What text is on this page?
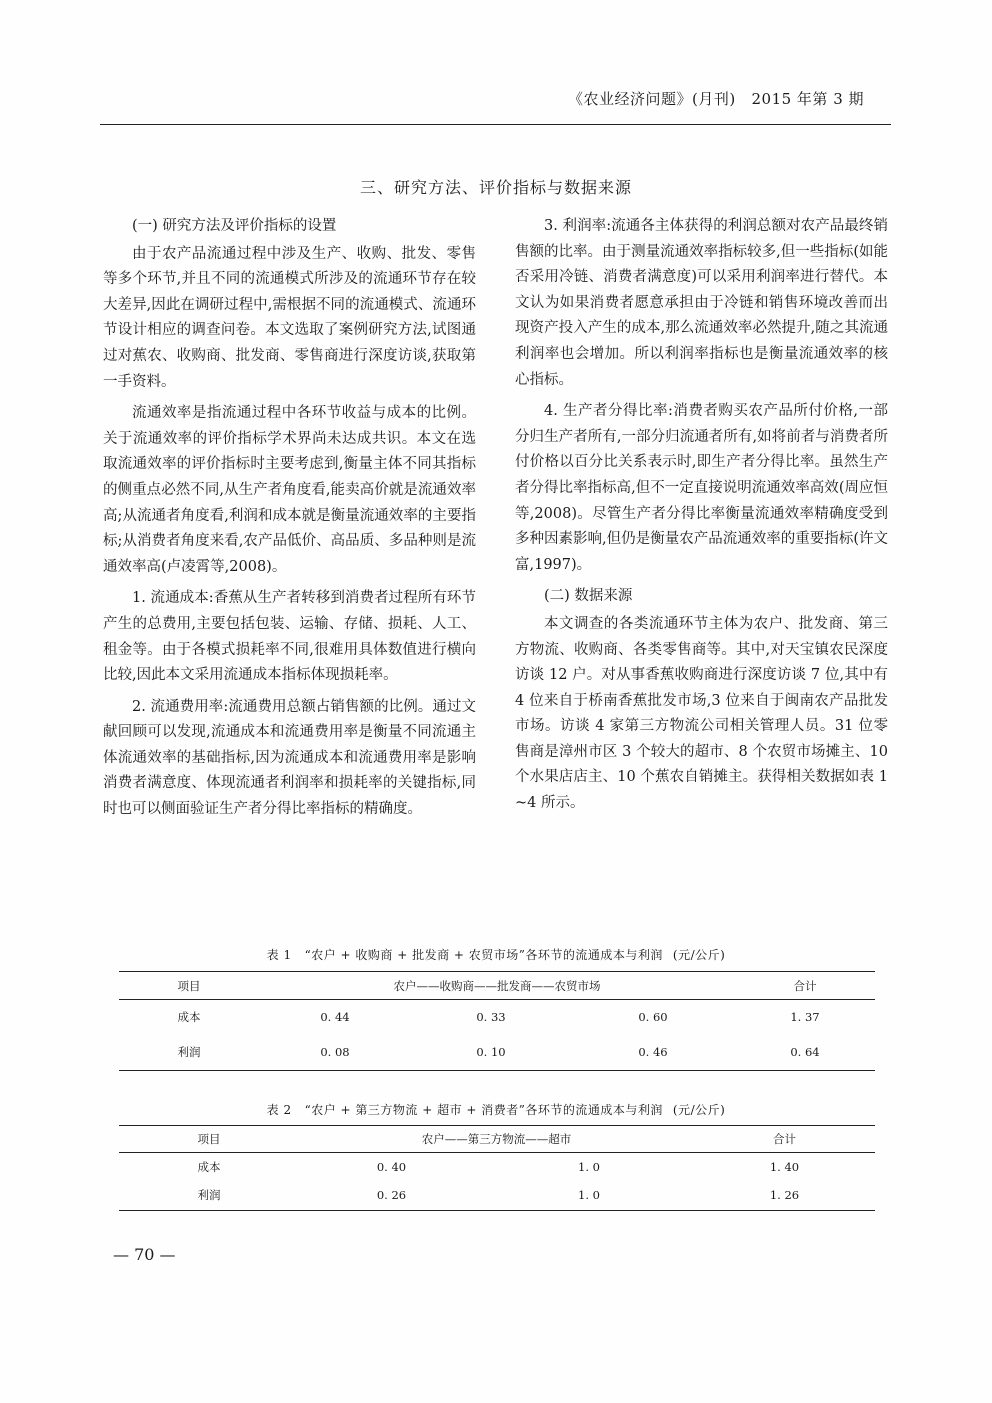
《农业经济问题》(月刊)   2015 年第 3 期
三、研究方法、评价指标与数据来源

(一) 研究方法及评价指标的设置

由于农产品流通过程中涉及生产、收购、批发、零售等多个环节,并且不同的流通模式所涉及的流通环节存在较大差异,因此在调研过程中,需根据不同的流通模式、流通环节设计相应的调查问卷。本文选取了案例研究方法,试图通过对蕉农、收购商、批发商、零售商进行深度访谈,获取第一手资料。

流通效率是指流通过程中各环节收益与成本的比例。关于流通效率的评价指标学术界尚未达成共识。本文在选取流通效率的评价指标时主要考虑到,衡量主体不同其指标的侧重点必然不同,从生产者角度看,能卖高价就是流通效率高;从流通者角度看,利润和成本就是衡量流通效率的主要指标;从消费者角度来看,农产品低价、高品质、多品种则是流通效率高(卢凌霄等,2008)。

1. 流通成本:香蕉从生产者转移到消费者过程所有环节产生的总费用,主要包括包装、运输、存储、损耗、人工、租金等。由于各模式损耗率不同,很难用具体数值进行横向比较,因此本文采用流通成本指标体现损耗率。

2. 流通费用率:流通费用总额占销售额的比例。通过文献回顾可以发现,流通成本和流通费用率是衡量不同流通主体流通效率的基础指标,因为流通成本和流通费用率是影响消费者满意度、体现流通者利润率和损耗率的关键指标,同时也可以侧面验证生产者分得比率指标的精确度。

3. 利润率:流通各主体获得的利润总额对农产品最终销售额的比率。由于测量流通效率指标较多,但一些指标(如能否采用冷链、消费者满意度)可以采用利润率进行替代。本文认为如果消费者愿意承担由于冷链和销售环境改善而出现资产投入产生的成本,那么流通效率必然提升,随之其流通利润率也会增加。所以利润率指标也是衡量流通效率的核心指标。

4. 生产者分得比率:消费者购买农产品所付价格,一部分归生产者所有,一部分归流通者所有,如将前者与消费者所付价格以百分比关系表示时,即生产者分得比率。虽然生产者分得比率指标高,但不一定直接说明流通效率高效(周应恒等,2008)。尽管生产者分得比率衡量流通效率精确度受到多种因素影响,但仍是衡量农产品流通效率的重要指标(许文富,1997)。

(二) 数据来源

本文调查的各类流通环节主体为农户、批发商、第三方物流、收购商、各类零售商等。其中,对天宝镇农民深度访谈 12 户。对从事香蕉收购商进行深度访谈 7 位,其中有 4 位来自于桥南香蕉批发市场,3 位来自于闽南农产品批发市场。访谈 4 家第三方物流公司相关管理人员。31 位零售商是漳州市区 3 个较大的超市、8 个农贸市场摊主、10 个水果店店主、10 个蕉农自销摊主。获得相关数据如表 1 ~4 所示。

表 1   “农户 + 收购商 + 批发商 + 农贸市场”各环节的流通成本与利润 (元/公斤)
项目	农户——收购商——批发商——农贸市场			合计
成本	0. 44	0. 33	0. 60	1. 37
利润	0. 08	0. 10	0. 46	0. 64
表 2   “农户 + 第三方物流 + 超市 + 消费者”各环节的流通成本与利润 (元/公斤)
项目	农户——第三方物流——超市		合计
成本	0. 40	1. 0	1. 40
利润	0. 26	1. 0	1. 26
— 70 —
